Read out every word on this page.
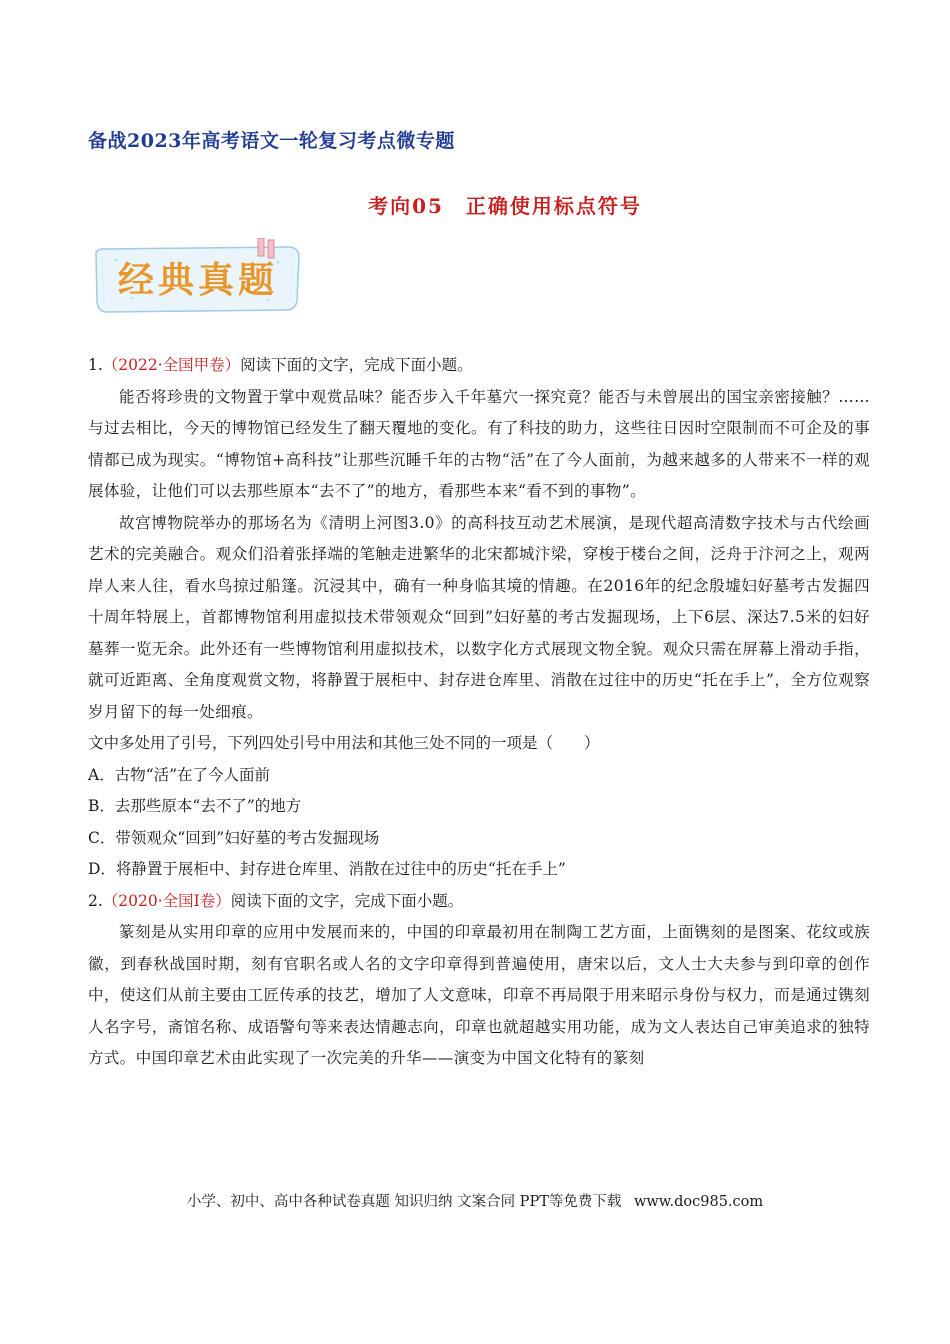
备战2023年高考语文一轮复习考点微专题
考向05　正确使用标点符号
经典真题

1.（2022·全国甲卷）阅读下面的文字，完成下面小题。

能否将珍贵的文物置于掌中观赏品味？能否步入千年墓穴一探究竟？能否与未曾展出的国宝亲密接触？……与过去相比，今天的博物馆已经发生了翻天覆地的变化。有了科技的助力，这些往日因时空限制而不可企及的事情都已成为现实。“博物馆+高科技”让那些沉睡千年的古物“活”在了今人面前，为越来越多的人带来不一样的观展体验，让他们可以去那些原本“去不了”的地方，看那些本来“看不到的事物”。

故宫博物院举办的那场名为《清明上河图3.0》的高科技互动艺术展演，是现代超高清数字技术与古代绘画艺术的完美融合。观众们沿着张择端的笔触走进繁华的北宋都城汴梁，穿梭于楼台之间，泛舟于汴河之上，观两岸人来人往，看水鸟掠过船篷。沉浸其中，确有一种身临其境的情趣。在2016年的纪念殷墟妇好墓考古发掘四十周年特展上，首都博物馆利用虚拟技术带领观众“回到”妇好墓的考古发掘现场，上下6层、深达7.5米的妇好墓葬一览无余。此外还有一些博物馆利用虚拟技术，以数字化方式展现文物全貌。观众只需在屏幕上滑动手指，就可近距离、全角度观赏文物，将静置于展柜中、封存进仓库里、消散在过往中的历史“托在手上”，全方位观察岁月留下的每一处细痕。

文中多处用了引号，下列四处引号中用法和其他三处不同的一项是（　　）

A．古物“活”在了今人面前

B．去那些原本“去不了”的地方

C．带领观众“回到”妇好墓的考古发掘现场

D．将静置于展柜中、封存进仓库里、消散在过往中的历史“托在手上”

2.（2020·全国I卷）阅读下面的文字，完成下面小题。

篆刻是从实用印章的应用中发展而来的，中国的印章最初用在制陶工艺方面，上面镌刻的是图案、花纹或族徽，到春秋战国时期，刻有官职名或人名的文字印章得到普遍使用，唐宋以后，文人士大夫参与到印章的创作中，使这们从前主要由工匠传承的技艺，增加了人文意味，印章不再局限于用来昭示身份与权力，而是通过镌刻人名字号，斋馆名称、成语警句等来表达情趣志向，印章也就超越实用功能，成为文人表达自己审美追求的独特方式。中国印章艺术由此实现了一次完美的升华——演变为中国文化特有的篆刻

小学、初中、高中各种试卷真题 知识归纳 文案合同 PPT等免费下载 www.doc985.com
